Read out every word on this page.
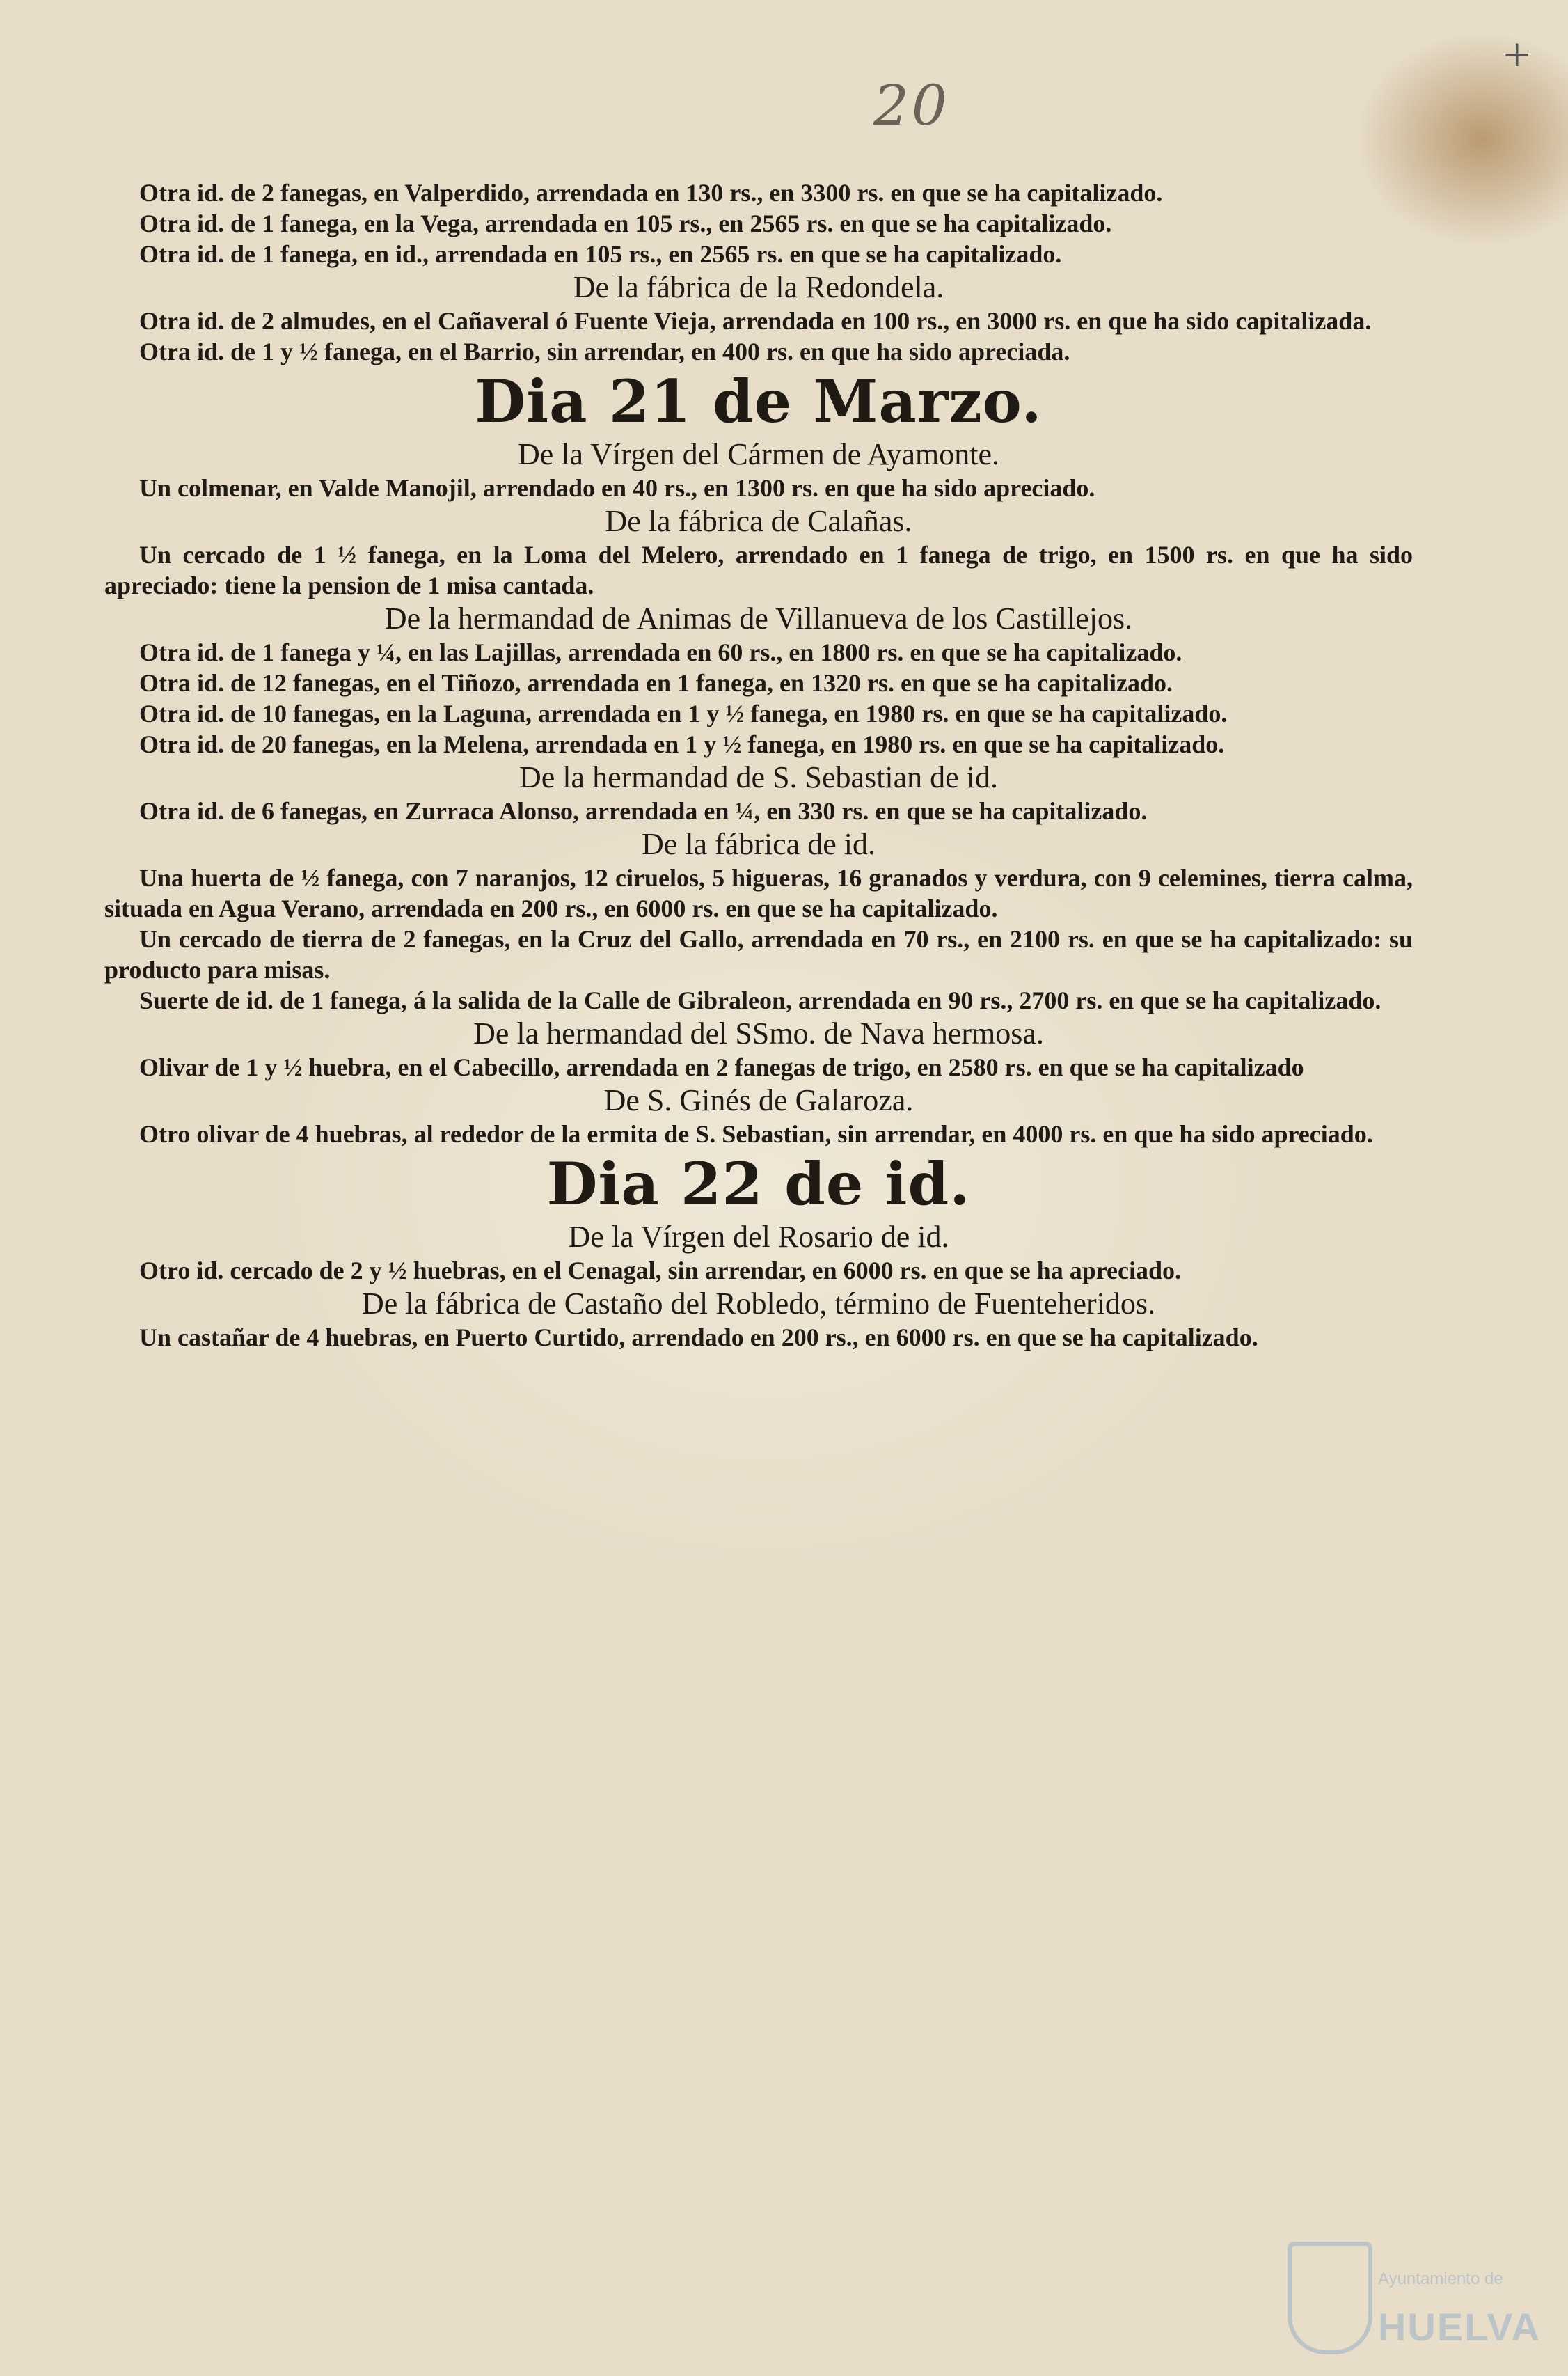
20
+

Otra id. de 2 fanegas, en Valperdido, arrendada en 130 rs., en 3300 rs. en que se ha capitalizado.

Otra id. de 1 fanega, en la Vega, arrendada en 105 rs., en 2565 rs. en que se ha capitalizado.

Otra id. de 1 fanega, en id., arrendada en 105 rs., en 2565 rs. en que se ha capitalizado.

De la fábrica de la Redondela.

Otra id. de 2 almudes, en el Cañaveral ó Fuente Vieja, arrendada en 100 rs., en 3000 rs. en que ha sido capitalizada.

Otra id. de 1 y ½ fanega, en el Barrio, sin arrendar, en 400 rs. en que ha sido apreciada.

Dia 21 de Marzo.
De la Vírgen del Cármen de Ayamonte.

Un colmenar, en Valde Manojil, arrendado en 40 rs., en 1300 rs. en que ha sido apreciado.

De la fábrica de Calañas.

Un cercado de 1 ½ fanega, en la Loma del Melero, arrendado en 1 fanega de trigo, en 1500 rs. en que ha sido apreciado: tiene la pension de 1 misa cantada.

De la hermandad de Animas de Villanueva de los Castillejos.

Otra id. de 1 fanega y ¼, en las Lajillas, arrendada en 60 rs., en 1800 rs. en que se ha capitalizado.

Otra id. de 12 fanegas, en el Tiñozo, arrendada en 1 fanega, en 1320 rs. en que se ha capitalizado.

Otra id. de 10 fanegas, en la Laguna, arrendada en 1 y ½ fanega, en 1980 rs. en que se ha capitalizado.

Otra id. de 20 fanegas, en la Melena, arrendada en 1 y ½ fanega, en 1980 rs. en que se ha capitalizado.

De la hermandad de S. Sebastian de id.

Otra id. de 6 fanegas, en Zurraca Alonso, arrendada en ¼, en 330 rs. en que se ha capitalizado.

De la fábrica de id.

Una huerta de ½ fanega, con 7 naranjos, 12 ciruelos, 5 higueras, 16 granados y verdura, con 9 celemines, tierra calma, situada en Agua Verano, arrendada en 200 rs., en 6000 rs. en que se ha capitalizado.

Un cercado de tierra de 2 fanegas, en la Cruz del Gallo, arrendada en 70 rs., en 2100 rs. en que se ha capitalizado: su producto para misas.

Suerte de id. de 1 fanega, á la salida de la Calle de Gibraleon, arrendada en 90 rs., 2700 rs. en que se ha capitalizado.

De la hermandad del SSmo. de Nava hermosa.

Olivar de 1 y ½ huebra, en el Cabecillo, arrendada en 2 fanegas de trigo, en 2580 rs. en que se ha capitalizado

De S. Ginés de Galaroza.

Otro olivar de 4 huebras, al rededor de la ermita de S. Sebastian, sin arrendar, en 4000 rs. en que ha sido apreciado.

Dia 22 de id.
De la Vírgen del Rosario de id.

Otro id. cercado de 2 y ½ huebras, en el Cenagal, sin arrendar, en 6000 rs. en que se ha apreciado.

De la fábrica de Castaño del Robledo, término de Fuenteheridos.

Un castañar de 4 huebras, en Puerto Curtido, arrendado en 200 rs., en 6000 rs. en que se ha capitalizado.

Ayuntamiento de
HUELVA
